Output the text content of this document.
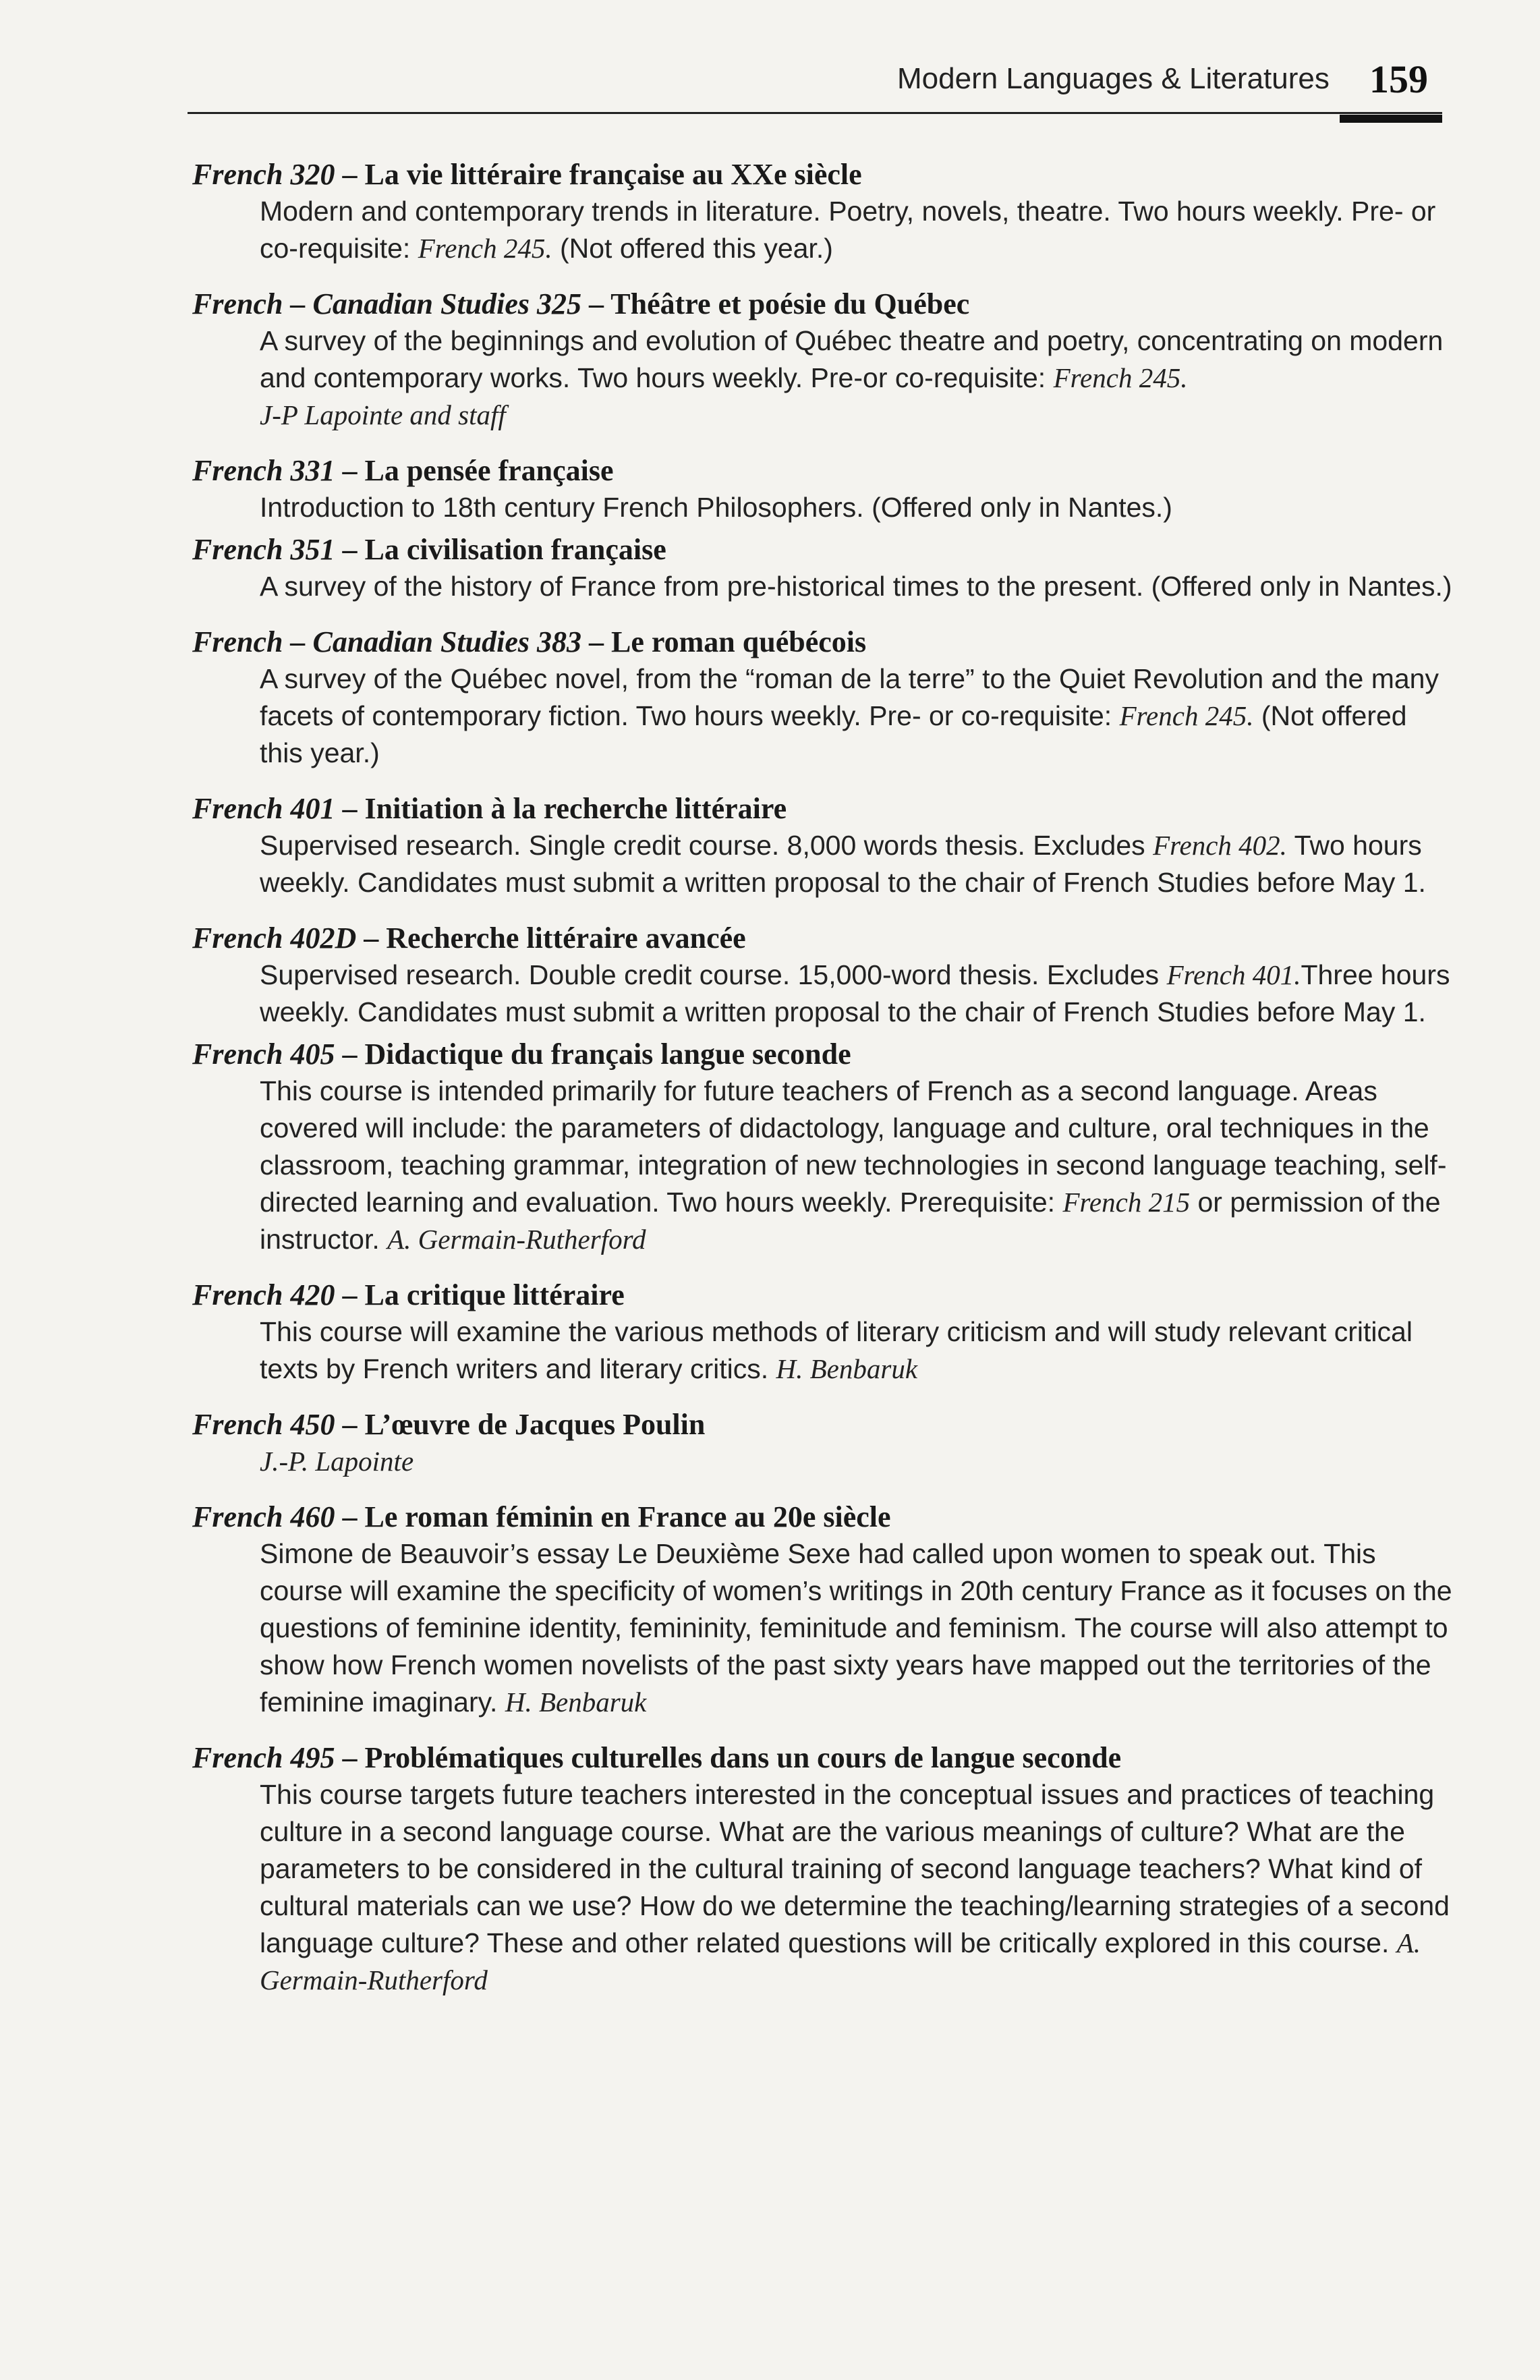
Modern Languages & Literatures 159
French 320 – La vie littéraire française au XXe siècle
Modern and contemporary trends in literature. Poetry, novels, theatre. Two hours weekly. Pre- or co-requisite: French 245. (Not offered this year.)
French – Canadian Studies 325 – Théâtre et poésie du Québec
A survey of the beginnings and evolution of Québec theatre and poetry, concentrating on modern and contemporary works. Two hours weekly. Pre-or co-requisite: French 245.
J-P Lapointe and staff
French 331 – La pensée française
Introduction to 18th century French Philosophers. (Offered only in Nantes.)
French 351 – La civilisation française
A survey of the history of France from pre-historical times to the present. (Offered only in Nantes.)
French – Canadian Studies 383 – Le roman québécois
A survey of the Québec novel, from the “roman de la terre” to the Quiet Revolution and the many facets of contemporary fiction. Two hours weekly. Pre- or co-requisite: French 245. (Not offered this year.)
French 401 – Initiation à la recherche littéraire
Supervised research. Single credit course. 8,000 words thesis. Excludes French 402. Two hours weekly. Candidates must submit a written proposal to the chair of French Studies before May 1.
French 402D – Recherche littéraire avancée
Supervised research. Double credit course. 15,000-word thesis. Excludes French 401.Three hours weekly. Candidates must submit a written proposal to the chair of French Studies before May 1.
French 405 – Didactique du français langue seconde
This course is intended primarily for future teachers of French as a second language. Areas covered will include: the parameters of didactology, language and culture, oral techniques in the classroom, teaching grammar, integration of new technologies in second language teaching, self-directed learning and evaluation. Two hours weekly. Prerequisite: French 215 or permission of the instructor. A. Germain-Rutherford
French 420 – La critique littéraire
This course will examine the various methods of literary criticism and will study relevant critical texts by French writers and literary critics. H. Benbaruk
French 450 – L’œuvre de Jacques Poulin
J.-P. Lapointe
French 460 – Le roman féminin en France au 20e siècle
Simone de Beauvoir’s essay Le Deuxième Sexe had called upon women to speak out. This course will examine the specificity of women’s writings in 20th century France as it focuses on the questions of feminine identity, femininity, feminitude and feminism. The course will also attempt to show how French women novelists of the past sixty years have mapped out the territories of the feminine imaginary. H. Benbaruk
French 495 – Problématiques culturelles dans un cours de langue seconde
This course targets future teachers interested in the conceptual issues and practices of teaching culture in a second language course. What are the various meanings of culture? What are the parameters to be considered in the cultural training of second language teachers? What kind of cultural materials can we use? How do we determine the teaching/learning strategies of a second language culture? These and other related questions will be critically explored in this course. A. Germain-Rutherford
